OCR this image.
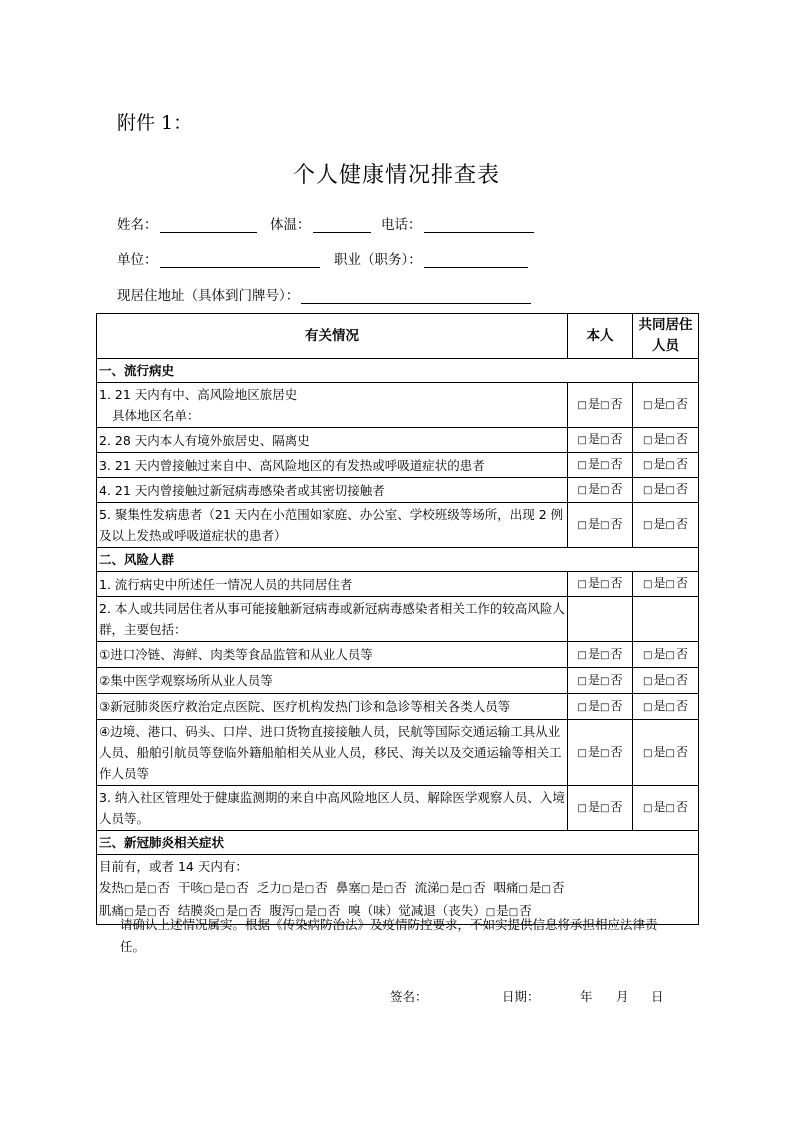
附件 1：
个人健康情况排查表
姓名：	体温：	电话：
单位：	职业（职务）：
现居住地址（具体到门牌号）：
有关情况	本人	共同居住人员
一、流行病史		

1. 21 天内有中、高风险地区旅居史
具体地区名单：	□是□否	□是□否
2. 28 天内本人有境外旅居史、隔离史	□是□否	□是□否
3. 21 天内曾接触过来自中、高风险地区的有发热或呼吸道症状的患者	□是□否	□是□否
4. 21 天内曾接触过新冠病毒感染者或其密切接触者	□是□否	□是□否
5. 聚集性发病患者（21 天内在小范围如家庭、办公室、学校班级等场所，出现 2 例及以上发热或呼吸道症状的患者）	□是□否	□是□否
二、风险人群		
1. 流行病史中所述任一情况人员的共同居住者	□是□否	□是□否
2. 本人或共同居住者从事可能接触新冠病毒或新冠病毒感染者相关工作的较高风险人群，主要包括：		
①进口冷链、海鲜、肉类等食品监管和从业人员等	□是□否	□是□否
②集中医学观察场所从业人员等	□是□否	□是□否
③新冠肺炎医疗救治定点医院、医疗机构发热门诊和急诊等相关各类人员等	□是□否	□是□否
④边境、港口、码头、口岸、进口货物直接接触人员，民航等国际交通运输工具从业人员、船舶引航员等登临外籍船舶相关从业人员，移民、海关以及交通运输等相关工作人员等	□是□否	□是□否
3. 纳入社区管理处于健康监测期的来自中高风险地区人员、解除医学观察人员、入境人员等。	□是□否	□是□否
三、新冠肺炎相关症状		

目前有，或者 14 天内有：
发热□是□否 干咳□是□否 乏力□是□否 鼻塞□是□否 流涕□是□否 咽痛□是□否
肌痛□是□否 结膜炎□是□否 腹泻□是□否 嗅（味）觉减退（丧失）□是□否		
请确认上述情况属实。根据《传染病防治法》及疫情防控要求，不如实提供信息将承担相应法律责任。
签名：	日期：	年 月 日
